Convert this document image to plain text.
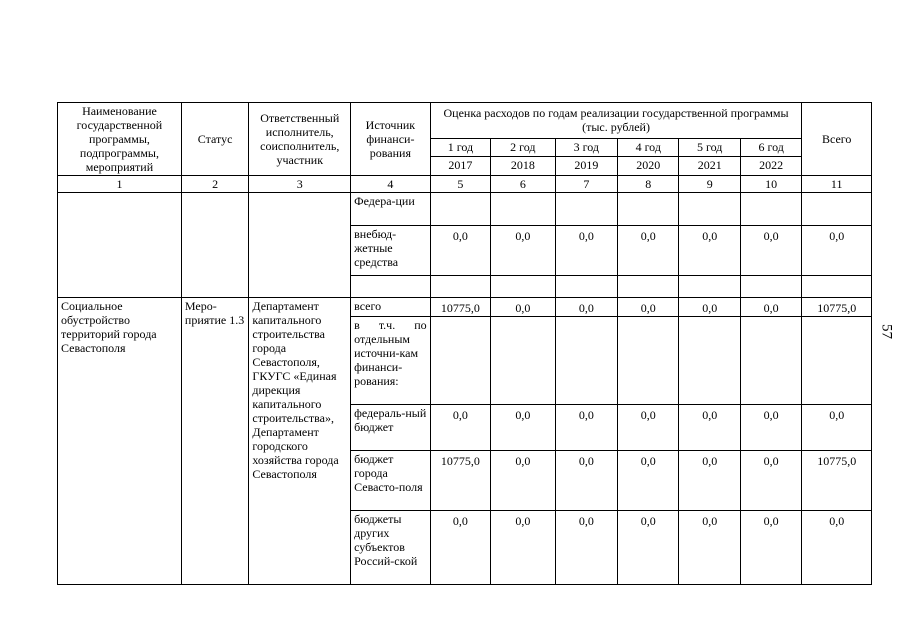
Наименование государственной программы, подпрограммы, мероприятий	Статус	Ответственный исполнитель, соисполнитель, участник	Источник финанси-рования	Оценка расходов по годам реализации государственной программы (тыс. рублей)						Всего
				1 год	2 год	3 год	4 год	5 год	6 год	
				2017	2018	2019	2020	2021	2022	
1	2	3	4	5	6	7	8	9	10	11
			Федера-ции							
			внебюд-жетные средства	0,0	0,0	0,0	0,0	0,0	0,0	0,0

Социальное обустройство территорий города Севастополя	Меро-приятие 1.3	Департамент капитального строительства города Севастополя, ГКУГС «Единая дирекция капитального строительства», Департамент городского хозяйства города Севастополя	всего	10775,0	0,0	0,0	0,0	0,0	0,0	10775,0
			в т.ч. по отдельным источни-кам финанси-рования:							
			федераль-ный бюджет	0,0	0,0	0,0	0,0	0,0	0,0	0,0
			бюджет города Севасто-поля	10775,0	0,0	0,0	0,0	0,0	0,0	10775,0
			бюджеты других субъектов Россий-ской	0,0	0,0	0,0	0,0	0,0	0,0	0,0
57
